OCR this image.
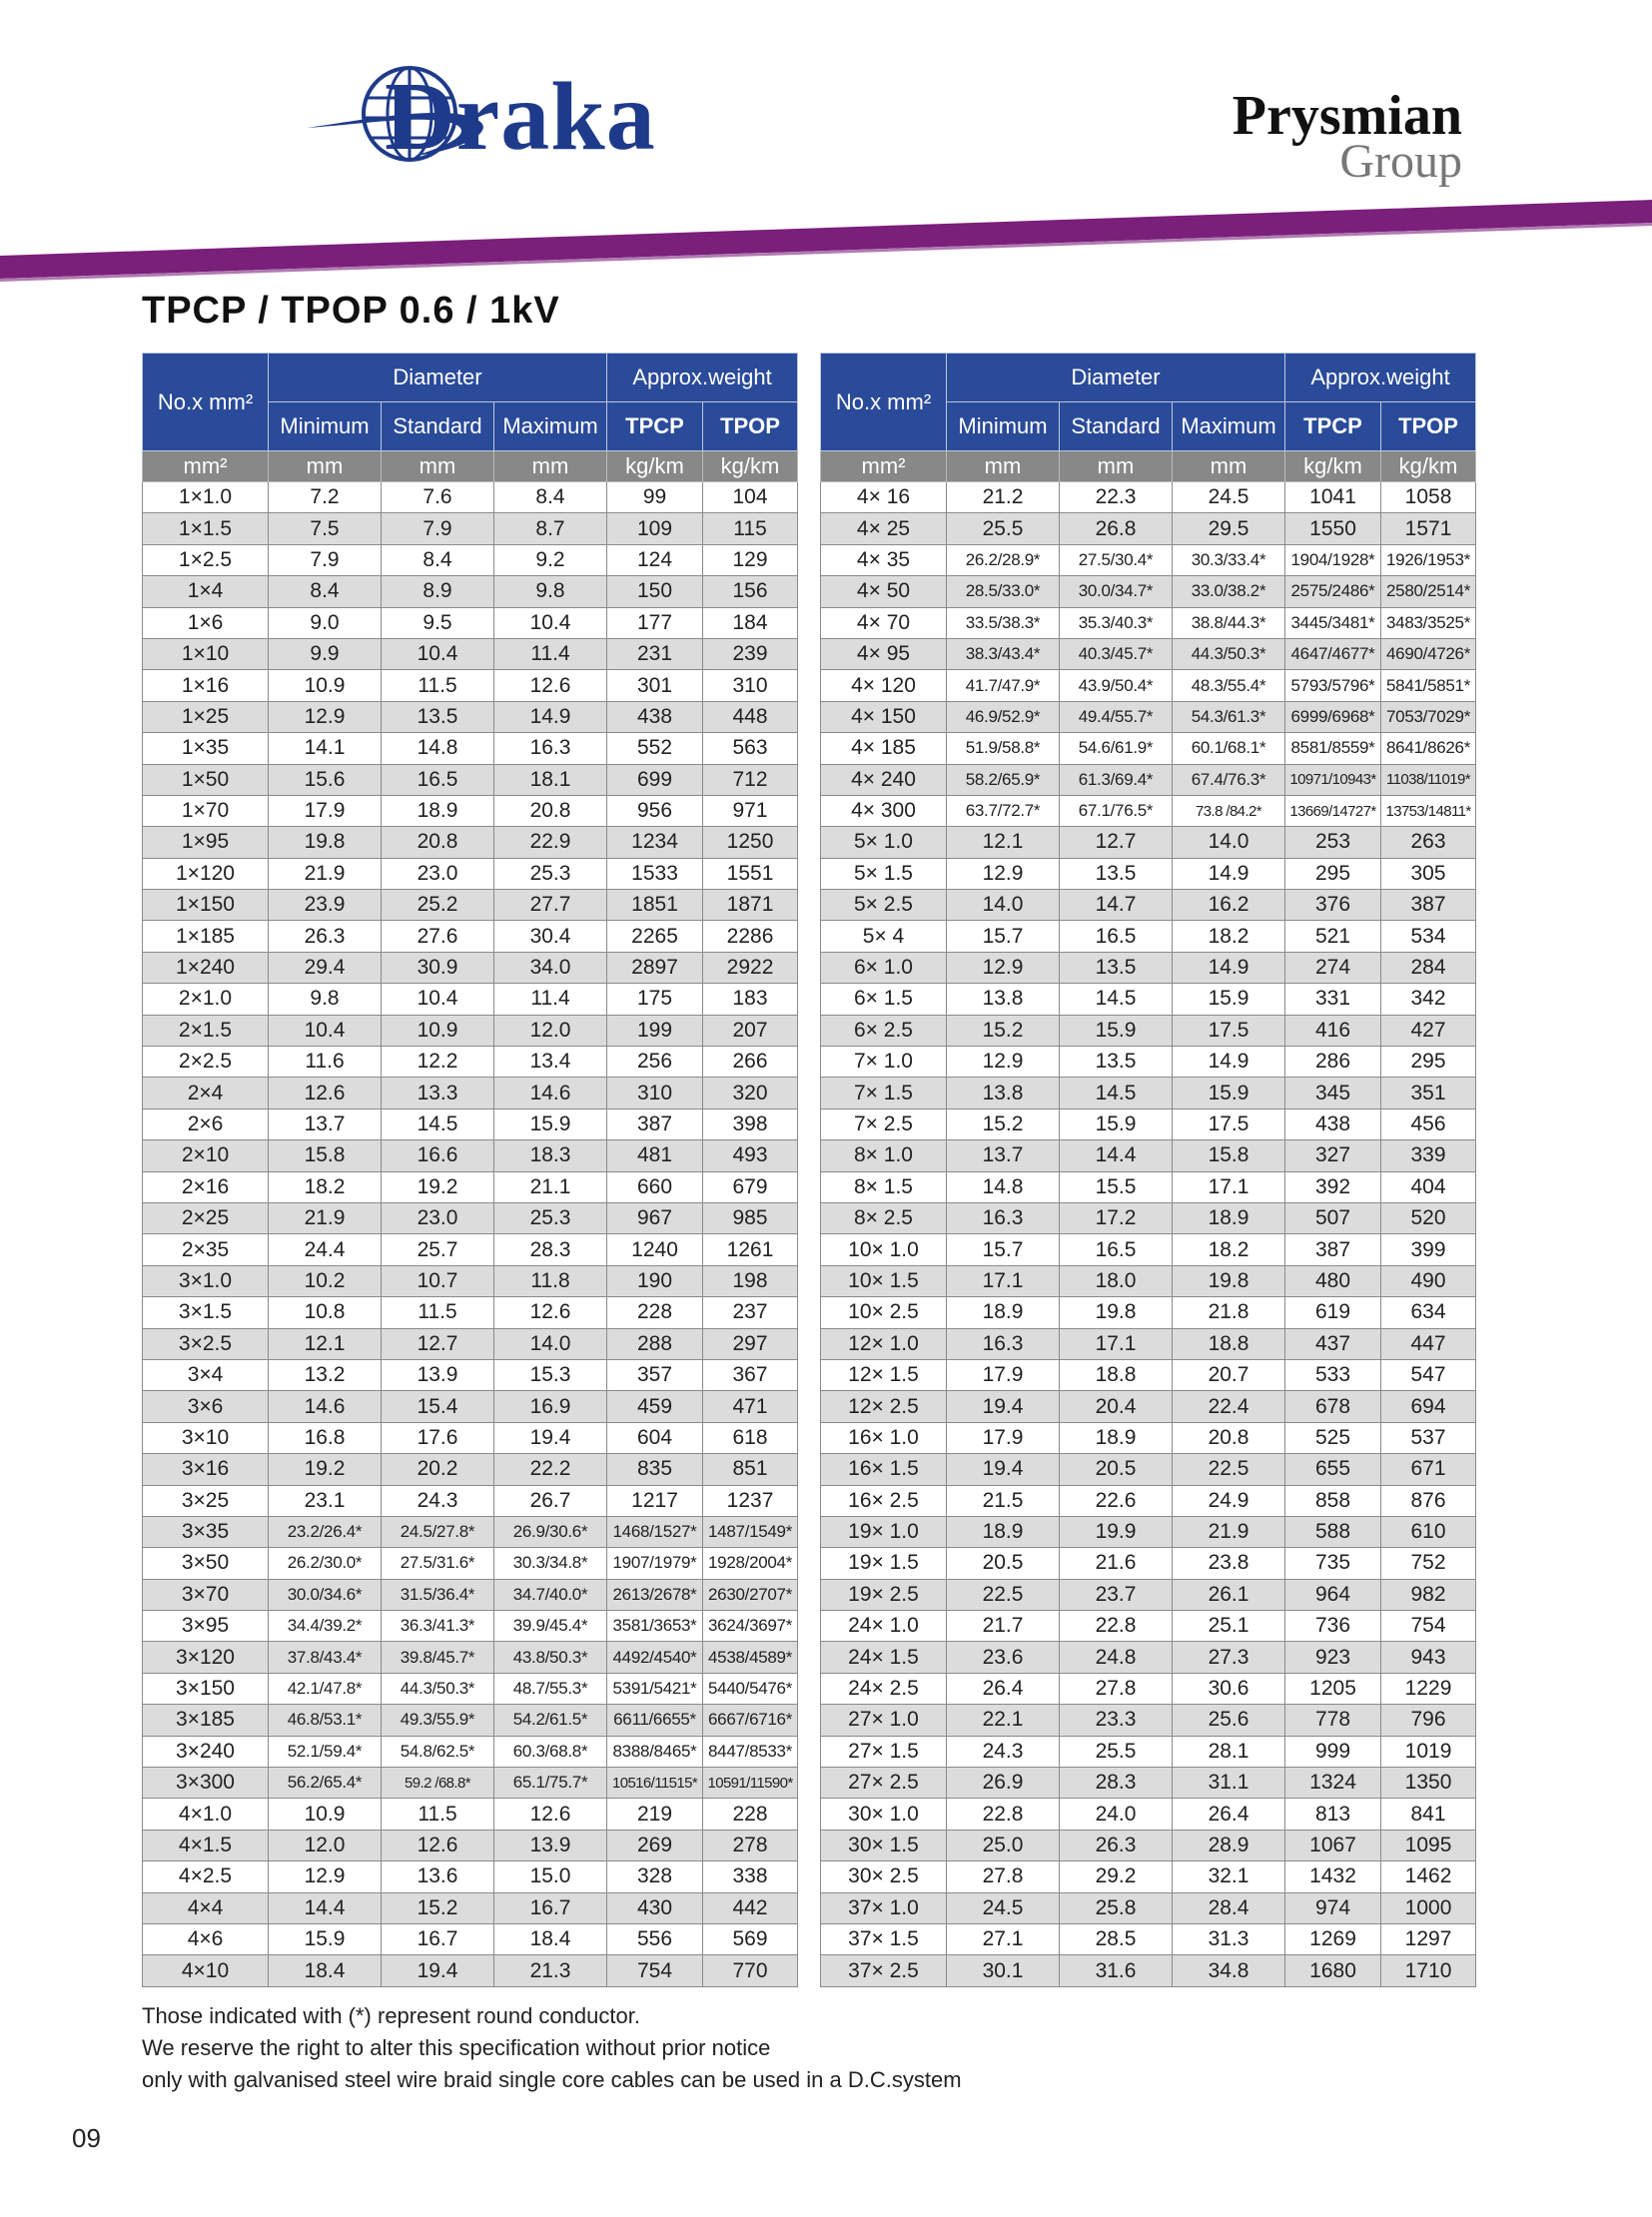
Draka	Prysmian
Group
TPCP / TPOP 0.6 / 1kV
No.x mm²	Diameter			Approx.weight	
	Minimum	Standard	Maximum	TPCP	TPOP
mm²	mm	mm	mm	kg/km	kg/km
1×1.0	7.2	7.6	8.4	99	104
1×1.5	7.5	7.9	8.7	109	115
1×2.5	7.9	8.4	9.2	124	129
1×4	8.4	8.9	9.8	150	156
1×6	9.0	9.5	10.4	177	184
1×10	9.9	10.4	11.4	231	239
1×16	10.9	11.5	12.6	301	310
1×25	12.9	13.5	14.9	438	448
1×35	14.1	14.8	16.3	552	563
1×50	15.6	16.5	18.1	699	712
1×70	17.9	18.9	20.8	956	971
1×95	19.8	20.8	22.9	1234	1250
1×120	21.9	23.0	25.3	1533	1551
1×150	23.9	25.2	27.7	1851	1871
1×185	26.3	27.6	30.4	2265	2286
1×240	29.4	30.9	34.0	2897	2922
2×1.0	9.8	10.4	11.4	175	183
2×1.5	10.4	10.9	12.0	199	207
2×2.5	11.6	12.2	13.4	256	266
2×4	12.6	13.3	14.6	310	320
2×6	13.7	14.5	15.9	387	398
2×10	15.8	16.6	18.3	481	493
2×16	18.2	19.2	21.1	660	679
2×25	21.9	23.0	25.3	967	985
2×35	24.4	25.7	28.3	1240	1261
3×1.0	10.2	10.7	11.8	190	198
3×1.5	10.8	11.5	12.6	228	237
3×2.5	12.1	12.7	14.0	288	297
3×4	13.2	13.9	15.3	357	367
3×6	14.6	15.4	16.9	459	471
3×10	16.8	17.6	19.4	604	618
3×16	19.2	20.2	22.2	835	851
3×25	23.1	24.3	26.7	1217	1237
3×35	23.2/26.4*	24.5/27.8*	26.9/30.6*	1468/1527*	1487/1549*
3×50	26.2/30.0*	27.5/31.6*	30.3/34.8*	1907/1979*	1928/2004*
3×70	30.0/34.6*	31.5/36.4*	34.7/40.0*	2613/2678*	2630/2707*
3×95	34.4/39.2*	36.3/41.3*	39.9/45.4*	3581/3653*	3624/3697*
3×120	37.8/43.4*	39.8/45.7*	43.8/50.3*	4492/4540*	4538/4589*
3×150	42.1/47.8*	44.3/50.3*	48.7/55.3*	5391/5421*	5440/5476*
3×185	46.8/53.1*	49.3/55.9*	54.2/61.5*	6611/6655*	6667/6716*
3×240	52.1/59.4*	54.8/62.5*	60.3/68.8*	8388/8465*	8447/8533*
3×300	56.2/65.4*	59.2 /68.8*	65.1/75.7*	10516/11515*	10591/11590*
4×1.0	10.9	11.5	12.6	219	228
4×1.5	12.0	12.6	13.9	269	278
4×2.5	12.9	13.6	15.0	328	338
4×4	14.4	15.2	16.7	430	442
4×6	15.9	16.7	18.4	556	569
4×10	18.4	19.4	21.3	754	770
No.x mm²	Diameter			Approx.weight	
	Minimum	Standard	Maximum	TPCP	TPOP
mm²	mm	mm	mm	kg/km	kg/km
4× 16	21.2	22.3	24.5	1041	1058
4× 25	25.5	26.8	29.5	1550	1571
4× 35	26.2/28.9*	27.5/30.4*	30.3/33.4*	1904/1928*	1926/1953*
4× 50	28.5/33.0*	30.0/34.7*	33.0/38.2*	2575/2486*	2580/2514*
4× 70	33.5/38.3*	35.3/40.3*	38.8/44.3*	3445/3481*	3483/3525*
4× 95	38.3/43.4*	40.3/45.7*	44.3/50.3*	4647/4677*	4690/4726*
4× 120	41.7/47.9*	43.9/50.4*	48.3/55.4*	5793/5796*	5841/5851*
4× 150	46.9/52.9*	49.4/55.7*	54.3/61.3*	6999/6968*	7053/7029*
4× 185	51.9/58.8*	54.6/61.9*	60.1/68.1*	8581/8559*	8641/8626*
4× 240	58.2/65.9*	61.3/69.4*	67.4/76.3*	10971/10943*	11038/11019*
4× 300	63.7/72.7*	67.1/76.5*	73.8 /84.2*	13669/14727*	13753/14811*
5× 1.0	12.1	12.7	14.0	253	263
5× 1.5	12.9	13.5	14.9	295	305
5× 2.5	14.0	14.7	16.2	376	387
5× 4	15.7	16.5	18.2	521	534
6× 1.0	12.9	13.5	14.9	274	284
6× 1.5	13.8	14.5	15.9	331	342
6× 2.5	15.2	15.9	17.5	416	427
7× 1.0	12.9	13.5	14.9	286	295
7× 1.5	13.8	14.5	15.9	345	351
7× 2.5	15.2	15.9	17.5	438	456
8× 1.0	13.7	14.4	15.8	327	339
8× 1.5	14.8	15.5	17.1	392	404
8× 2.5	16.3	17.2	18.9	507	520
10× 1.0	15.7	16.5	18.2	387	399
10× 1.5	17.1	18.0	19.8	480	490
10× 2.5	18.9	19.8	21.8	619	634
12× 1.0	16.3	17.1	18.8	437	447
12× 1.5	17.9	18.8	20.7	533	547
12× 2.5	19.4	20.4	22.4	678	694
16× 1.0	17.9	18.9	20.8	525	537
16× 1.5	19.4	20.5	22.5	655	671
16× 2.5	21.5	22.6	24.9	858	876
19× 1.0	18.9	19.9	21.9	588	610
19× 1.5	20.5	21.6	23.8	735	752
19× 2.5	22.5	23.7	26.1	964	982
24× 1.0	21.7	22.8	25.1	736	754
24× 1.5	23.6	24.8	27.3	923	943
24× 2.5	26.4	27.8	30.6	1205	1229
27× 1.0	22.1	23.3	25.6	778	796
27× 1.5	24.3	25.5	28.1	999	1019
27× 2.5	26.9	28.3	31.1	1324	1350
30× 1.0	22.8	24.0	26.4	813	841
30× 1.5	25.0	26.3	28.9	1067	1095
30× 2.5	27.8	29.2	32.1	1432	1462
37× 1.0	24.5	25.8	28.4	974	1000
37× 1.5	27.1	28.5	31.3	1269	1297
37× 2.5	30.1	31.6	34.8	1680	1710
Those indicated with (*) represent round conductor.
We reserve the right to alter this specification without prior notice
only with galvanised steel wire braid single core cables can be used in a D.C.system
09
